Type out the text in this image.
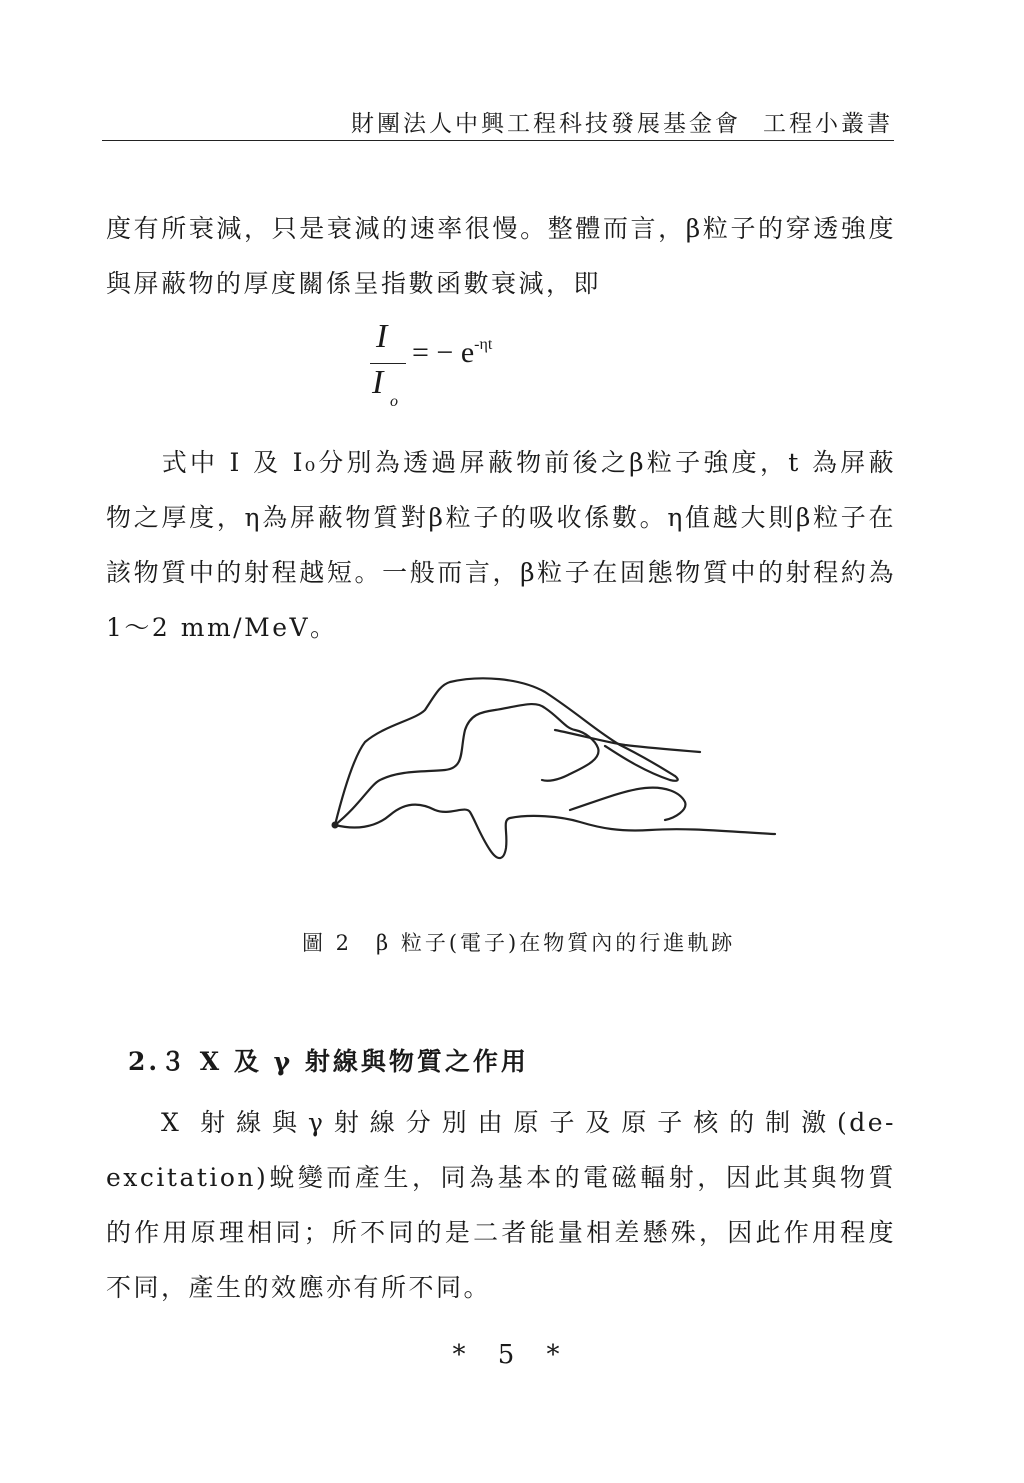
財團法人中興工程科技發展基金會 工程小叢書

度有所衰減，只是衰減的速率很慢。整體而言，β粒子的穿透強度與屏蔽物的厚度關係呈指數函數衰減，即

I
I
o
= − $e^{-\eta t}$

式中 I 及 I₀分別為透過屏蔽物前後之β粒子強度，t 為屏蔽物之厚度，η為屏蔽物質對β粒子的吸收係數。η值越大則β粒子在該物質中的射程越短。一般而言，β粒子在固態物質中的射程約為 1～2 mm/MeV。

圖 2　β 粒子(電子)在物質內的行進軌跡
2.３ X 及 γ 射線與物質之作用

X 射線與γ射線分別由原子及原子核的制激(de-excitation)蛻變而產生，同為基本的電磁輻射，因此其與物質的作用原理相同；所不同的是二者能量相差懸殊，因此作用程度不同，產生的效應亦有所不同。

* 5 *
